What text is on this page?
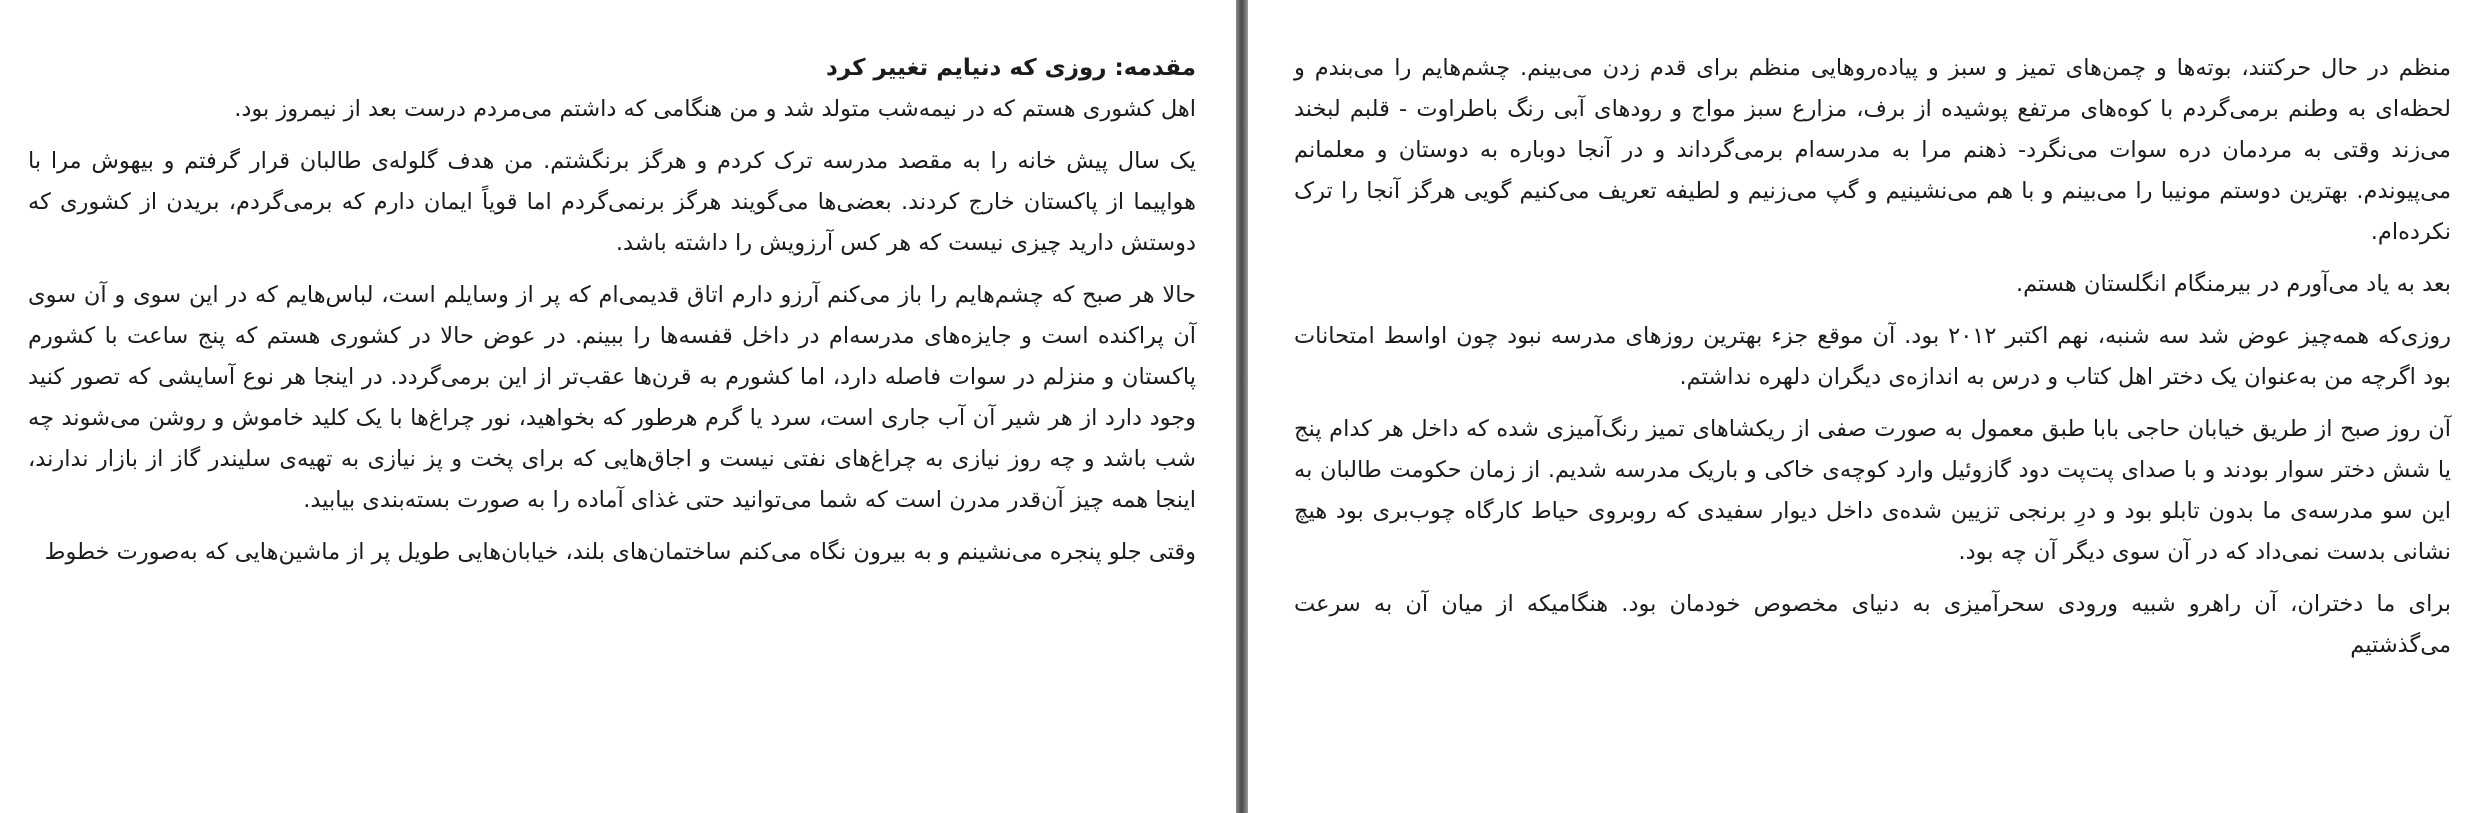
مقدمه: روزی که دنیایم تغییر کرد

اهل کشوری هستم که در نیمه‌شب متولد شد و من هنگامی که داشتم می‌مردم درست بعد از نیمروز بود.

یک سال پیش خانه را به مقصد مدرسه ترک کردم و هرگز برنگشتم. من هدف گلوله‌ی طالبان قرار گرفتم و بیهوش مرا با هواپیما از پاکستان خارج کردند. بعضی‌ها می‌گویند هرگز برنمی‌گردم اما قویاً ایمان دارم که برمی‌گردم، بریدن از کشوری که دوستش دارید چیزی نیست که هر کس آرزویش را داشته باشد.

حالا هر صبح که چشم‌هایم را باز می‌کنم آرزو دارم اتاق قدیمی‌ام که پر از وسایلم است، لباس‌هایم که در این سوی و آن سوی آن پراکنده است و جایزه‌های مدرسه‌ام در داخل قفسه‌ها را ببینم. در عوض حالا در کشوری هستم که پنج ساعت با کشورم پاکستان و منزلم در سوات فاصله دارد، اما کشورم به قرن‌ها عقب‌تر از این برمی‌گردد. در اینجا هر نوع آسایشی که تصور کنید وجود دارد از هر شیر آن آب جاری است، سرد یا گرم هرطور که بخواهید، نور چراغ‌ها با یک کلید خاموش و روشن می‌شوند چه شب باشد و چه روز نیازی به چراغ‌های نفتی نیست و اجاق‌هایی که برای پخت و پز نیازی به تهیه‌ی سلیندر گاز از بازار ندارند، اینجا همه چیز آن‌قدر مدرن است که شما می‌توانید حتی غذای آماده را به صورت بسته‌بندی بیابید.

وقتی جلو پنجره می‌نشینم و به بیرون نگاه می‌کنم ساختمان‌های بلند، خیابان‌هایی طویل پر از ماشین‌هایی که به‌صورت خطوط

منظم در حال حرکتند، بوته‌ها و چمن‌های تمیز و سبز و پیاده‌روهایی منظم برای قدم زدن می‌بینم. چشم‌هایم را می‌بندم و لحظه‌ای به وطنم برمی‌گردم با کوه‌های مرتفع پوشیده از برف، مزارع سبز مواج و رودهای آبی رنگ باطراوت - قلبم لبخند می‌زند وقتی به مردمان دره سوات می‌نگرد- ذهنم مرا به مدرسه‌ام برمی‌گرداند و در آنجا دوباره به دوستان و معلمانم می‌پیوندم. بهترین دوستم مونیبا را می‌بینم و با هم می‌نشینیم و گپ می‌زنیم و لطیفه تعریف می‌کنیم گویی هرگز آنجا را ترک نکرده‌ام.

بعد به یاد می‌آورم در بیرمنگام انگلستان هستم.

روزی‌که همه‌چیز عوض شد سه شنبه، نهم اکتبر ۲۰۱۲ بود. آن موقع جزء بهترین روزهای مدرسه نبود چون اواسط امتحانات بود اگرچه من به‌عنوان یک دختر اهل کتاب و درس به اندازه‌ی دیگران دلهره نداشتم.

آن روز صبح از طریق خیابان حاجی بابا طبق معمول به صورت صفی از ریکشاهای تمیز رنگ‌آمیزی شده که داخل هر کدام پنج یا شش دختر سوار بودند و با صدای پت‌پت دود گازوئیل وارد کوچه‌ی خاکی و باریک مدرسه شدیم. از زمان حکومت طالبان به این سو مدرسه‌ی ما بدون تابلو بود و درِ برنجی تزیین شده‌ی داخل دیوار سفیدی که روبروی حیاط کارگاه چوب‌بری بود هیچ نشانی بدست نمی‌داد که در آن سوی دیگر آن چه بود.

برای ما دختران، آن راهرو شبیه ورودی سحرآمیزی به دنیای مخصوص خودمان بود. هنگامیکه از میان آن به سرعت می‌گذشتیم
